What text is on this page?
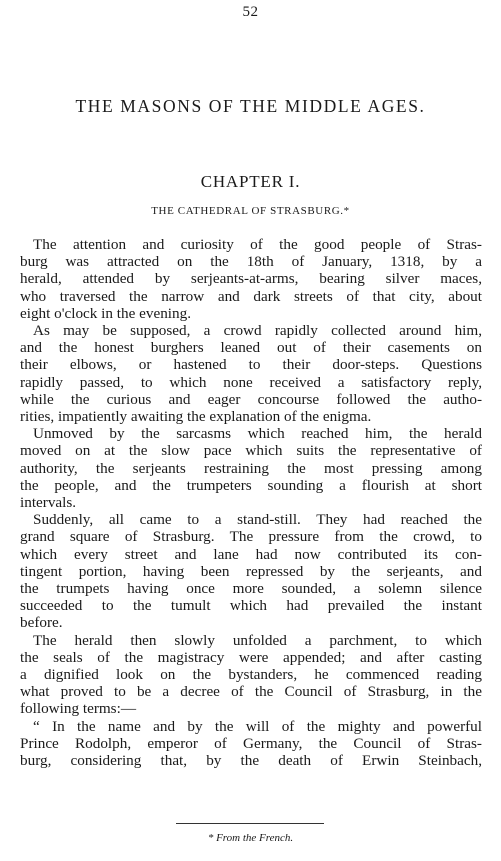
52
THE MASONS OF THE MIDDLE AGES.
CHAPTER I.
THE CATHEDRAL OF STRASBURG.*
The attention and curiosity of the good people of Stras-
burg was attracted on the 18th of January, 1318, by a
herald, attended by serjeants-at-arms, bearing silver maces,
who traversed the narrow and dark streets of that city, about
eight o'clock in the evening.
As may be supposed, a crowd rapidly collected around him,
and the honest burghers leaned out of their casements on
their elbows, or hastened to their door-steps. Questions
rapidly passed, to which none received a satisfactory reply,
while the curious and eager concourse followed the autho-
rities, impatiently awaiting the explanation of the enigma.
Unmoved by the sarcasms which reached him, the herald
moved on at the slow pace which suits the representative of
authority, the serjeants restraining the most pressing among
the people, and the trumpeters sounding a flourish at short
intervals.
Suddenly, all came to a stand-still. They had reached the
grand square of Strasburg. The pressure from the crowd, to
which every street and lane had now contributed its con-
tingent portion, having been repressed by the serjeants, and
the trumpets having once more sounded, a solemn silence
succeeded to the tumult which had prevailed the instant
before.
The herald then slowly unfolded a parchment, to which
the seals of the magistracy were appended; and after casting
a dignified look on the bystanders, he commenced reading
what proved to be a decree of the Council of Strasburg, in the
following terms:—
“ In the name and by the will of the mighty and powerful
Prince Rodolph, emperor of Germany, the Council of Stras-
burg, considering that, by the death of Erwin Steinbach,
* From the French.
